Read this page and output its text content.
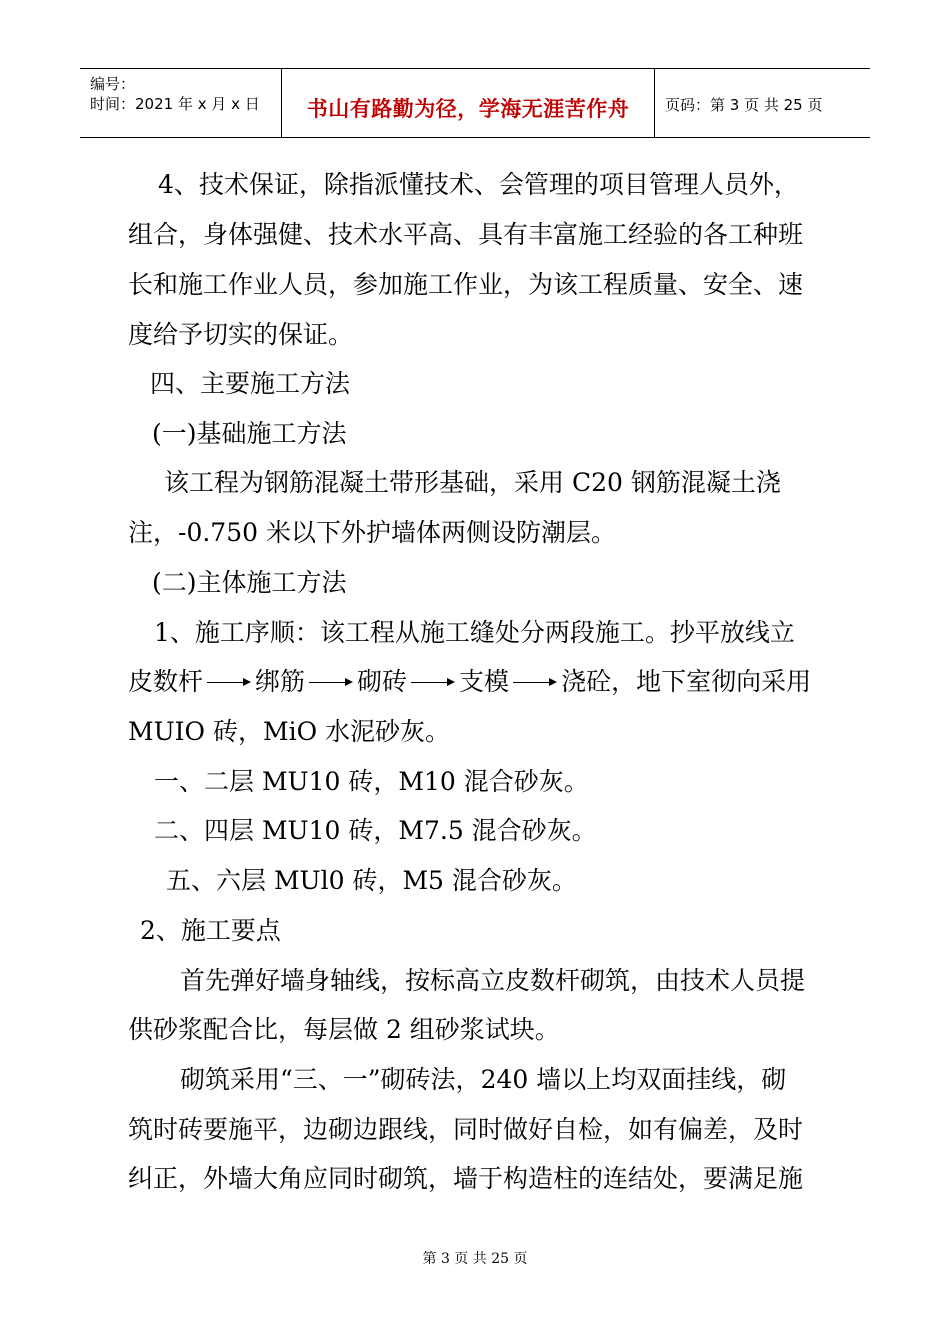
编号：
时间：2021 年 x 月 x 日	书山有路勤为径，学海无涯苦作舟	页码：第 3 页 共 25 页
4、技术保证，除指派懂技术、会管理的项目管理人员外，
组合，身体强健、技术水平高、具有丰富施工经验的各工种班
长和施工作业人员，参加施工作业，为该工程质量、安全、速
度给予切实的保证。
四、主要施工方法
(一)基础施工方法
该工程为钢筋混凝土带形基础，采用 C20 钢筋混凝土浇
注，-0.750 米以下外护墙体两侧设防潮层。
(二)主体施工方法
1、施工序顺：该工程从施工缝处分两段施工。抄平放线立
皮数杆 绑筋 砌砖 支模 浇砼，地下室彻向采用
MUIO 砖，MiO 水泥砂灰。
一、二层 MU10 砖，M10 混合砂灰。
二、四层 MU10 砖，M7.5 混合砂灰。
五、六层 MUl0 砖，M5 混合砂灰。
2、施工要点
首先弹好墙身轴线，按标高立皮数杆砌筑，由技术人员提
供砂浆配合比，每层做 2 组砂浆试块。
砌筑采用“三、一”砌砖法，240 墙以上均双面挂线，砌
筑时砖要施平，边砌边跟线，同时做好自检，如有偏差，及时
纠正，外墙大角应同时砌筑，墙于构造柱的连结处，要满足施
第 3 页 共 25 页
